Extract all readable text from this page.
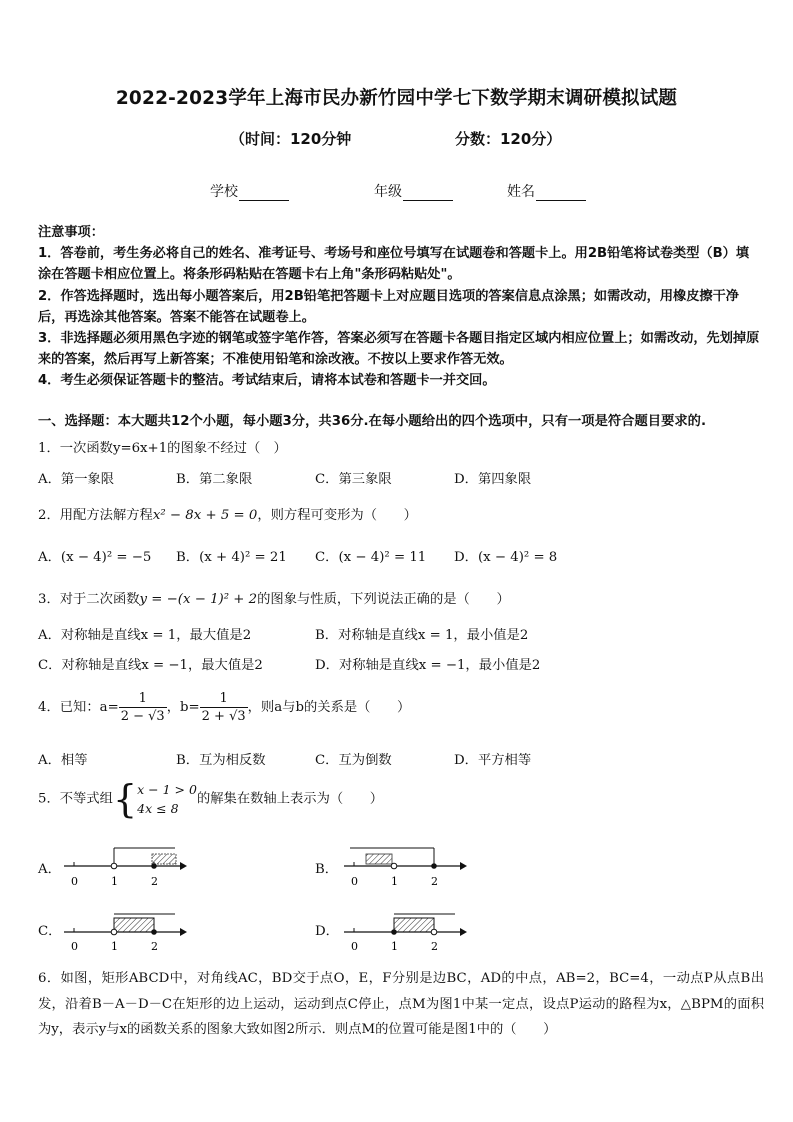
2022-2023学年上海市民办新竹园中学七下数学期末调研模拟试题
（时间：120分钟	分数：120分）
学校	年级	姓名

注意事项：

1．答卷前，考生务必将自己的姓名、准考证号、考场号和座位号填写在试题卷和答题卡上。用2B铅笔将试卷类型（B）填涂在答题卡相应位置上。将条形码粘贴在答题卡右上角"条形码粘贴处"。

2．作答选择题时，选出每小题答案后，用2B铅笔把答题卡上对应题目选项的答案信息点涂黑；如需改动，用橡皮擦干净后，再选涂其他答案。答案不能答在试题卷上。

3．非选择题必须用黑色字迹的钢笔或签字笔作答，答案必须写在答题卡各题目指定区域内相应位置上；如需改动，先划掉原来的答案，然后再写上新答案；不准使用铅笔和涂改液。不按以上要求作答无效。

4．考生必须保证答题卡的整洁。考试结束后，请将本试卷和答题卡一并交回。

一、选择题：本大题共12个小题，每小题3分，共36分.在每小题给出的四个选项中，只有一项是符合题目要求的.
1．一次函数y=6x+1的图象不经过（　）
A．第一象限	B．第二象限	C．第三象限	D．第四象限
2．用配方法解方程x² − 8x + 5 = 0，则方程可变形为（　　）
A．(x − 4)² = −5 B．(x + 4)² = 21 C．(x − 4)² = 11 D．(x − 4)² = 8
3．对于二次函数y = −(x − 1)² + 2的图象与性质，下列说法正确的是（　　）
A．对称轴是直线x = 1，最大值是2	B．对称轴是直线x = 1，最小值是2
C．对称轴是直线x = −1，最大值是2	D．对称轴是直线x = −1，最小值是2
4．已知：$a= \frac{1}{2 - √3}$ ，$b= \frac{1}{2 + √3}$ ，则a与b的关系是（　　）
A．相等	B．互为相反数	C．互为倒数	D．平方相等
5．不等式组{ x − 1 > 0
4x ≤ 8
的解集在数轴上表示为（　　）
A．	B．
C．	D．
0	1	2	0	1	2
0	1	2	0	1	2
6．如图，矩形ABCD中，对角线AC，BD交于点O，E，F分别是边BC，AD的中点，AB=2，BC=4，一动点P从点B出发，沿着B－A－D－C在矩形的边上运动，运动到点C停止，点M为图1中某一定点，设点P运动的路程为x，△BPM的面积为y，表示y与x的函数关系的图象大致如图2所示．则点M的位置可能是图1中的（　　）
